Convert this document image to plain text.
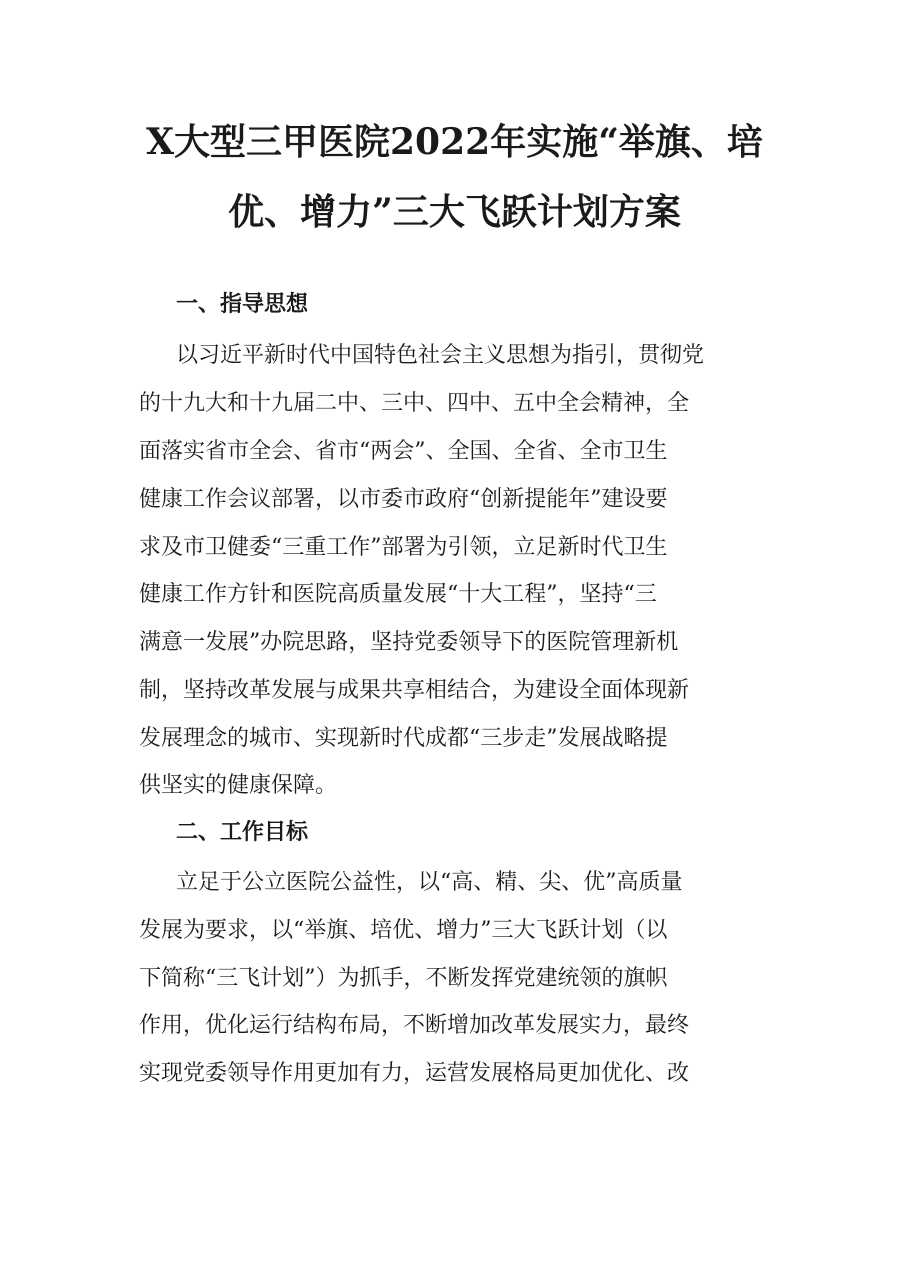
X大型三甲医院2022年实施“举旗、培
优、增力”三大飞跃计划方案
一、指导思想
以习近平新时代中国特色社会主义思想为指引，贯彻党
的十九大和十九届二中、三中、四中、五中全会精神，全
面落实省市全会、省市“两会”、全国、全省、全市卫生
健康工作会议部署，以市委市政府“创新提能年”建设要
求及市卫健委“三重工作”部署为引领，立足新时代卫生
健康工作方针和医院高质量发展“十大工程”，坚持“三
满意一发展”办院思路，坚持党委领导下的医院管理新机
制，坚持改革发展与成果共享相结合，为建设全面体现新
发展理念的城市、实现新时代成都“三步走”发展战略提
供坚实的健康保障。
二、工作目标
立足于公立医院公益性，以“高、精、尖、优”高质量
发展为要求，以“举旗、培优、增力”三大飞跃计划（以
下简称“三飞计划”）为抓手，不断发挥党建统领的旗帜
作用，优化运行结构布局，不断增加改革发展实力，最终
实现党委领导作用更加有力，运营发展格局更加优化、改
